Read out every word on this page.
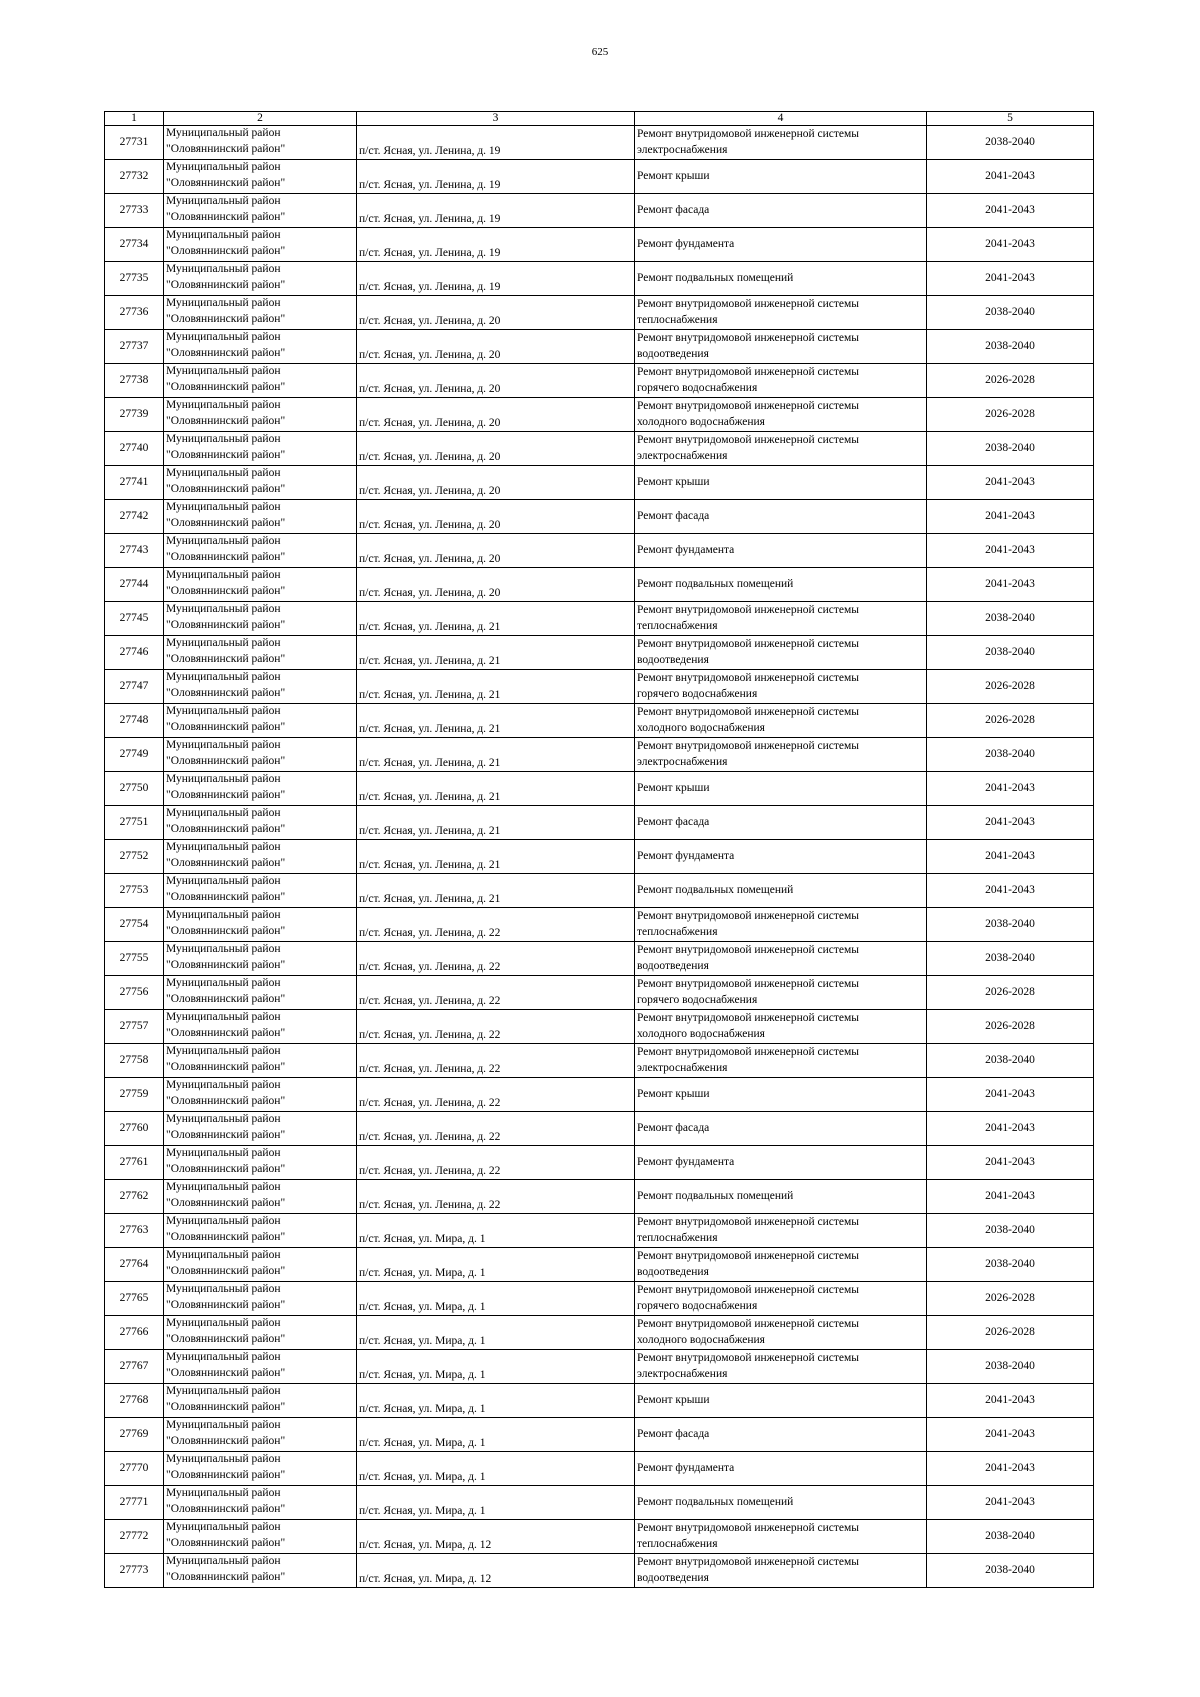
625
1	2	3	4	5
27731	Муниципальный район
"Оловяннинский район"	п/ст. Ясная, ул. Ленина, д. 19	Ремонт внутридомовой инженерной системы
электроснабжения	2038-2040
27732	Муниципальный район
"Оловяннинский район"	п/ст. Ясная, ул. Ленина, д. 19	Ремонт крыши	2041-2043
27733	Муниципальный район
"Оловяннинский район"	п/ст. Ясная, ул. Ленина, д. 19	Ремонт фасада	2041-2043
27734	Муниципальный район
"Оловяннинский район"	п/ст. Ясная, ул. Ленина, д. 19	Ремонт фундамента	2041-2043
27735	Муниципальный район
"Оловяннинский район"	п/ст. Ясная, ул. Ленина, д. 19	Ремонт подвальных помещений	2041-2043
27736	Муниципальный район
"Оловяннинский район"	п/ст. Ясная, ул. Ленина, д. 20	Ремонт внутридомовой инженерной системы
теплоснабжения	2038-2040
27737	Муниципальный район
"Оловяннинский район"	п/ст. Ясная, ул. Ленина, д. 20	Ремонт внутридомовой инженерной системы
водоотведения	2038-2040
27738	Муниципальный район
"Оловяннинский район"	п/ст. Ясная, ул. Ленина, д. 20	Ремонт внутридомовой инженерной системы
горячего водоснабжения	2026-2028
27739	Муниципальный район
"Оловяннинский район"	п/ст. Ясная, ул. Ленина, д. 20	Ремонт внутридомовой инженерной системы
холодного водоснабжения	2026-2028
27740	Муниципальный район
"Оловяннинский район"	п/ст. Ясная, ул. Ленина, д. 20	Ремонт внутридомовой инженерной системы
электроснабжения	2038-2040
27741	Муниципальный район
"Оловяннинский район"	п/ст. Ясная, ул. Ленина, д. 20	Ремонт крыши	2041-2043
27742	Муниципальный район
"Оловяннинский район"	п/ст. Ясная, ул. Ленина, д. 20	Ремонт фасада	2041-2043
27743	Муниципальный район
"Оловяннинский район"	п/ст. Ясная, ул. Ленина, д. 20	Ремонт фундамента	2041-2043
27744	Муниципальный район
"Оловяннинский район"	п/ст. Ясная, ул. Ленина, д. 20	Ремонт подвальных помещений	2041-2043
27745	Муниципальный район
"Оловяннинский район"	п/ст. Ясная, ул. Ленина, д. 21	Ремонт внутридомовой инженерной системы
теплоснабжения	2038-2040
27746	Муниципальный район
"Оловяннинский район"	п/ст. Ясная, ул. Ленина, д. 21	Ремонт внутридомовой инженерной системы
водоотведения	2038-2040
27747	Муниципальный район
"Оловяннинский район"	п/ст. Ясная, ул. Ленина, д. 21	Ремонт внутридомовой инженерной системы
горячего водоснабжения	2026-2028
27748	Муниципальный район
"Оловяннинский район"	п/ст. Ясная, ул. Ленина, д. 21	Ремонт внутридомовой инженерной системы
холодного водоснабжения	2026-2028
27749	Муниципальный район
"Оловяннинский район"	п/ст. Ясная, ул. Ленина, д. 21	Ремонт внутридомовой инженерной системы
электроснабжения	2038-2040
27750	Муниципальный район
"Оловяннинский район"	п/ст. Ясная, ул. Ленина, д. 21	Ремонт крыши	2041-2043
27751	Муниципальный район
"Оловяннинский район"	п/ст. Ясная, ул. Ленина, д. 21	Ремонт фасада	2041-2043
27752	Муниципальный район
"Оловяннинский район"	п/ст. Ясная, ул. Ленина, д. 21	Ремонт фундамента	2041-2043
27753	Муниципальный район
"Оловяннинский район"	п/ст. Ясная, ул. Ленина, д. 21	Ремонт подвальных помещений	2041-2043
27754	Муниципальный район
"Оловяннинский район"	п/ст. Ясная, ул. Ленина, д. 22	Ремонт внутридомовой инженерной системы
теплоснабжения	2038-2040
27755	Муниципальный район
"Оловяннинский район"	п/ст. Ясная, ул. Ленина, д. 22	Ремонт внутридомовой инженерной системы
водоотведения	2038-2040
27756	Муниципальный район
"Оловяннинский район"	п/ст. Ясная, ул. Ленина, д. 22	Ремонт внутридомовой инженерной системы
горячего водоснабжения	2026-2028
27757	Муниципальный район
"Оловяннинский район"	п/ст. Ясная, ул. Ленина, д. 22	Ремонт внутридомовой инженерной системы
холодного водоснабжения	2026-2028
27758	Муниципальный район
"Оловяннинский район"	п/ст. Ясная, ул. Ленина, д. 22	Ремонт внутридомовой инженерной системы
электроснабжения	2038-2040
27759	Муниципальный район
"Оловяннинский район"	п/ст. Ясная, ул. Ленина, д. 22	Ремонт крыши	2041-2043
27760	Муниципальный район
"Оловяннинский район"	п/ст. Ясная, ул. Ленина, д. 22	Ремонт фасада	2041-2043
27761	Муниципальный район
"Оловяннинский район"	п/ст. Ясная, ул. Ленина, д. 22	Ремонт фундамента	2041-2043
27762	Муниципальный район
"Оловяннинский район"	п/ст. Ясная, ул. Ленина, д. 22	Ремонт подвальных помещений	2041-2043
27763	Муниципальный район
"Оловяннинский район"	п/ст. Ясная, ул. Мира, д. 1	Ремонт внутридомовой инженерной системы
теплоснабжения	2038-2040
27764	Муниципальный район
"Оловяннинский район"	п/ст. Ясная, ул. Мира, д. 1	Ремонт внутридомовой инженерной системы
водоотведения	2038-2040
27765	Муниципальный район
"Оловяннинский район"	п/ст. Ясная, ул. Мира, д. 1	Ремонт внутридомовой инженерной системы
горячего водоснабжения	2026-2028
27766	Муниципальный район
"Оловяннинский район"	п/ст. Ясная, ул. Мира, д. 1	Ремонт внутридомовой инженерной системы
холодного водоснабжения	2026-2028
27767	Муниципальный район
"Оловяннинский район"	п/ст. Ясная, ул. Мира, д. 1	Ремонт внутридомовой инженерной системы
электроснабжения	2038-2040
27768	Муниципальный район
"Оловяннинский район"	п/ст. Ясная, ул. Мира, д. 1	Ремонт крыши	2041-2043
27769	Муниципальный район
"Оловяннинский район"	п/ст. Ясная, ул. Мира, д. 1	Ремонт фасада	2041-2043
27770	Муниципальный район
"Оловяннинский район"	п/ст. Ясная, ул. Мира, д. 1	Ремонт фундамента	2041-2043
27771	Муниципальный район
"Оловяннинский район"	п/ст. Ясная, ул. Мира, д. 1	Ремонт подвальных помещений	2041-2043
27772	Муниципальный район
"Оловяннинский район"	п/ст. Ясная, ул. Мира, д. 12	Ремонт внутридомовой инженерной системы
теплоснабжения	2038-2040
27773	Муниципальный район
"Оловяннинский район"	п/ст. Ясная, ул. Мира, д. 12	Ремонт внутридомовой инженерной системы
водоотведения	2038-2040
